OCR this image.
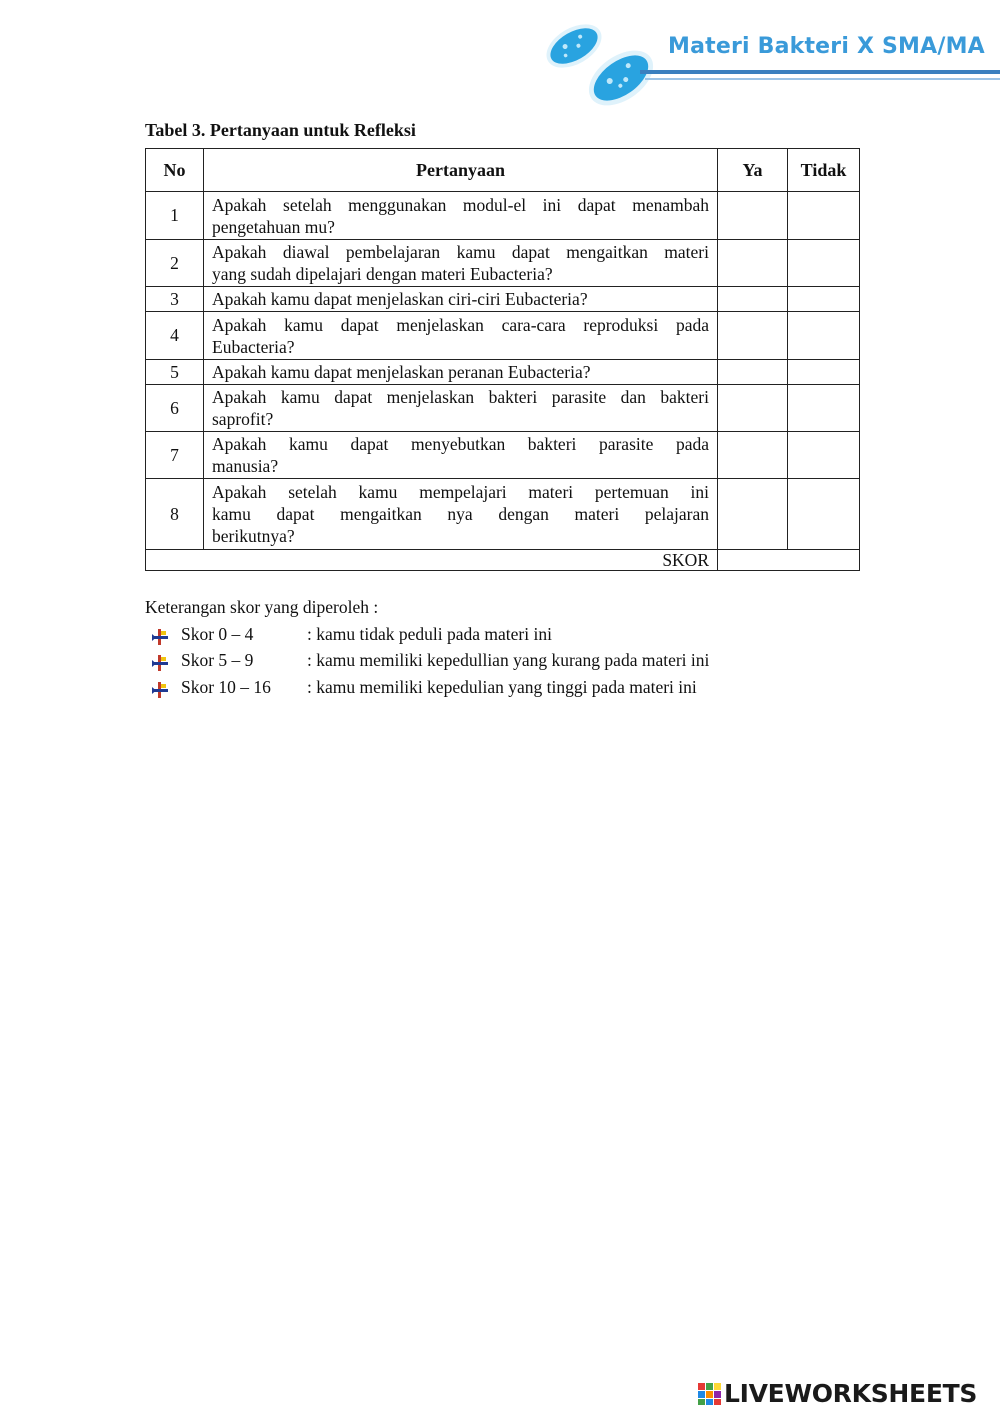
Materi Bakteri X SMA/MA
Tabel 3. Pertanyaan untuk Refleksi
No	Pertanyaan	Ya	Tidak
1	Apakah setelah menggunakan modul-el ini dapat menambah
pengetahuan mu?		

2	Apakah diawal pembelajaran kamu dapat mengaitkan materi
yang sudah dipelajari dengan materi Eubacteria?		

3	Apakah kamu dapat menjelaskan ciri-ciri Eubacteria?		

4	Apakah kamu dapat menjelaskan cara-cara reproduksi pada
Eubacteria?		

5	Apakah kamu dapat menjelaskan peranan Eubacteria?		

6	Apakah kamu dapat menjelaskan bakteri parasite dan bakteri
saprofit?		

7	Apakah kamu dapat menyebutkan bakteri parasite pada
manusia?		

8	Apakah setelah kamu mempelajari materi pertemuan ini
kamu dapat mengaitkan nya dengan materi pelajaran
berikutnya?		

SKOR			
Keterangan skor yang diperoleh :
Skor 0 – 4	: kamu tidak peduli pada materi ini
Skor 5 – 9	: kamu memiliki kepedullian yang kurang pada materi ini
Skor 10 – 16 : kamu memiliki kepedulian yang tinggi pada materi ini
LIVEWORKSHEETS
